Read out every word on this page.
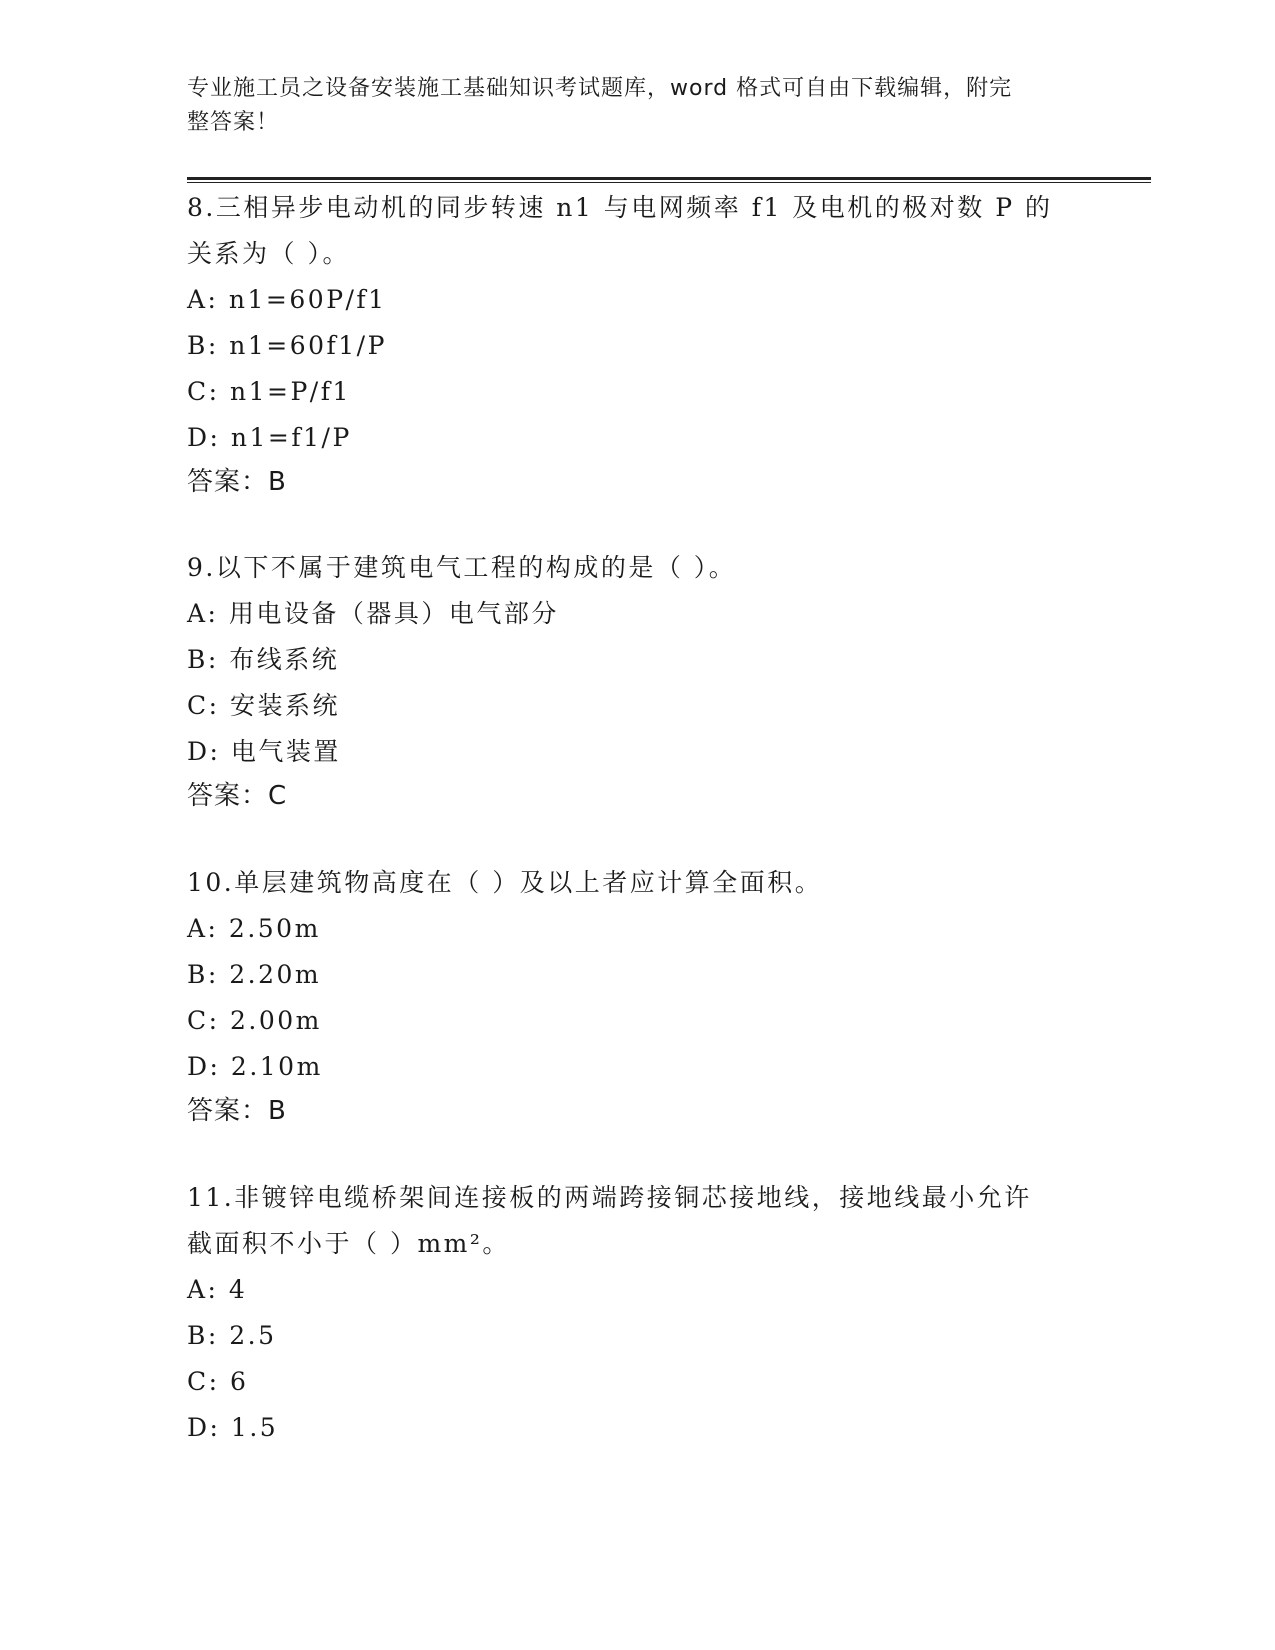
专业施工员之设备安装施工基础知识考试题库，word 格式可自由下载编辑，附完
整答案！
8.三相异步电动机的同步转速 n1 与电网频率 f1 及电机的极对数 P 的
关系为（ ）。
A: n1=60P/f1
B: n1=60f1/P
C: n1=P/f1
D: n1=f1/P
答案：B
9.以下不属于建筑电气工程的构成的是（ ）。
A: 用电设备（器具）电气部分
B: 布线系统
C: 安装系统
D: 电气装置
答案：C
10.单层建筑物高度在（ ）及以上者应计算全面积。
A: 2.50m
B: 2.20m
C: 2.00m
D: 2.10m
答案：B
11.非镀锌电缆桥架间连接板的两端跨接铜芯接地线，接地线最小允许
截面积不小于（ ）mm²。
A: 4
B: 2.5
C: 6
D: 1.5
